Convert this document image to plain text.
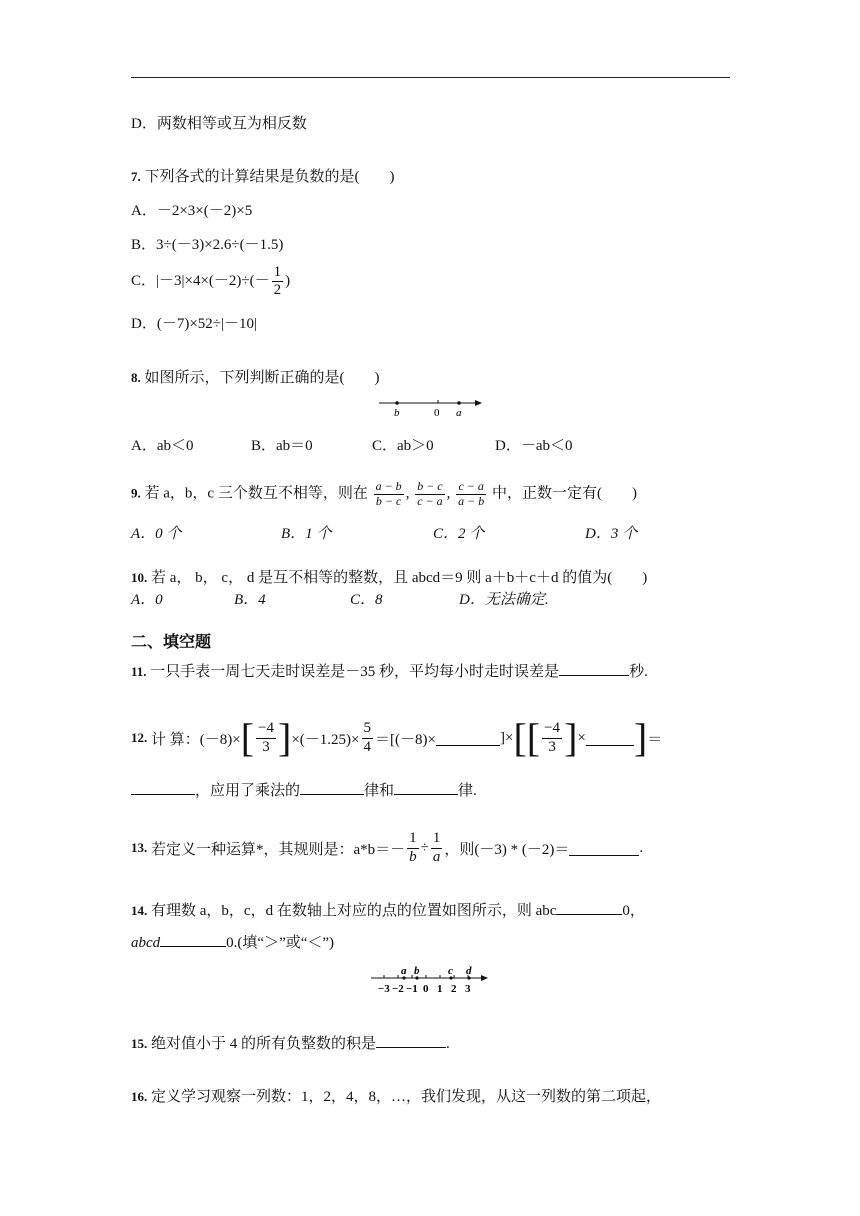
D．两数相等或互为相反数
7. 下列各式的计算结果是负数的是(　　)
A．－2×3×(－2)×5
B．3÷(－3)×2.6÷(－1.5)
C．$|-3|\times 4\times(-2)\div(- \frac{1}{2}$ )
D．(－7)×52÷|－10|
8. 如图所示，下列判断正确的是(　　)
b	0 a
A．ab＜0	B．ab＝0	C．ab＞0	D．－ab＜0
9. 若 a，b，c 三个数互不相等，则在 $\frac{a - b}{b - c}$ , $\frac{b - c}{c - a}$ , $\frac{c - a}{a - b}$ 中，正数一定有(　　)
A．0 个	B．1 个	C．2 个	D．3 个
10. 若 a， b， c， d 是互不相等的整数，且 abcd＝9 则 a＋b＋c＋d 的值为(　　)
A．0	B．4	C．8	D．无法确定.
二、填空题
11. 一只手表一周七天走时误差是－35 秒，平均每小时走时误差是	秒.
12.
计 算： (－8)× [ $\frac{-4}{3}$ ] $\times(-1.25)\times \frac{5}{4} =[(-8)\times$	]× [ [ $\frac{-4}{3}$ ] × ] ＝
，应用了乘法的	律和	律.
13.
若定义一种运算*，其规则是：$a*b=- \frac{1}{b} \div \frac{1}{a}$ ，则(－3) * (－2)＝	.
14. 有理数 a，b，c，d 在数轴上对应的点的位置如图所示，则 abc	0，
abcd	0.(填“＞”或“＜”)
−3 −2 −1 0 1 2 3
a b	c d
15. 绝对值小于 4 的所有负整数的积是	.
16. 定义学习观察一列数：1，2，4，8，…，我们发现，从这一列数的第二项起，
